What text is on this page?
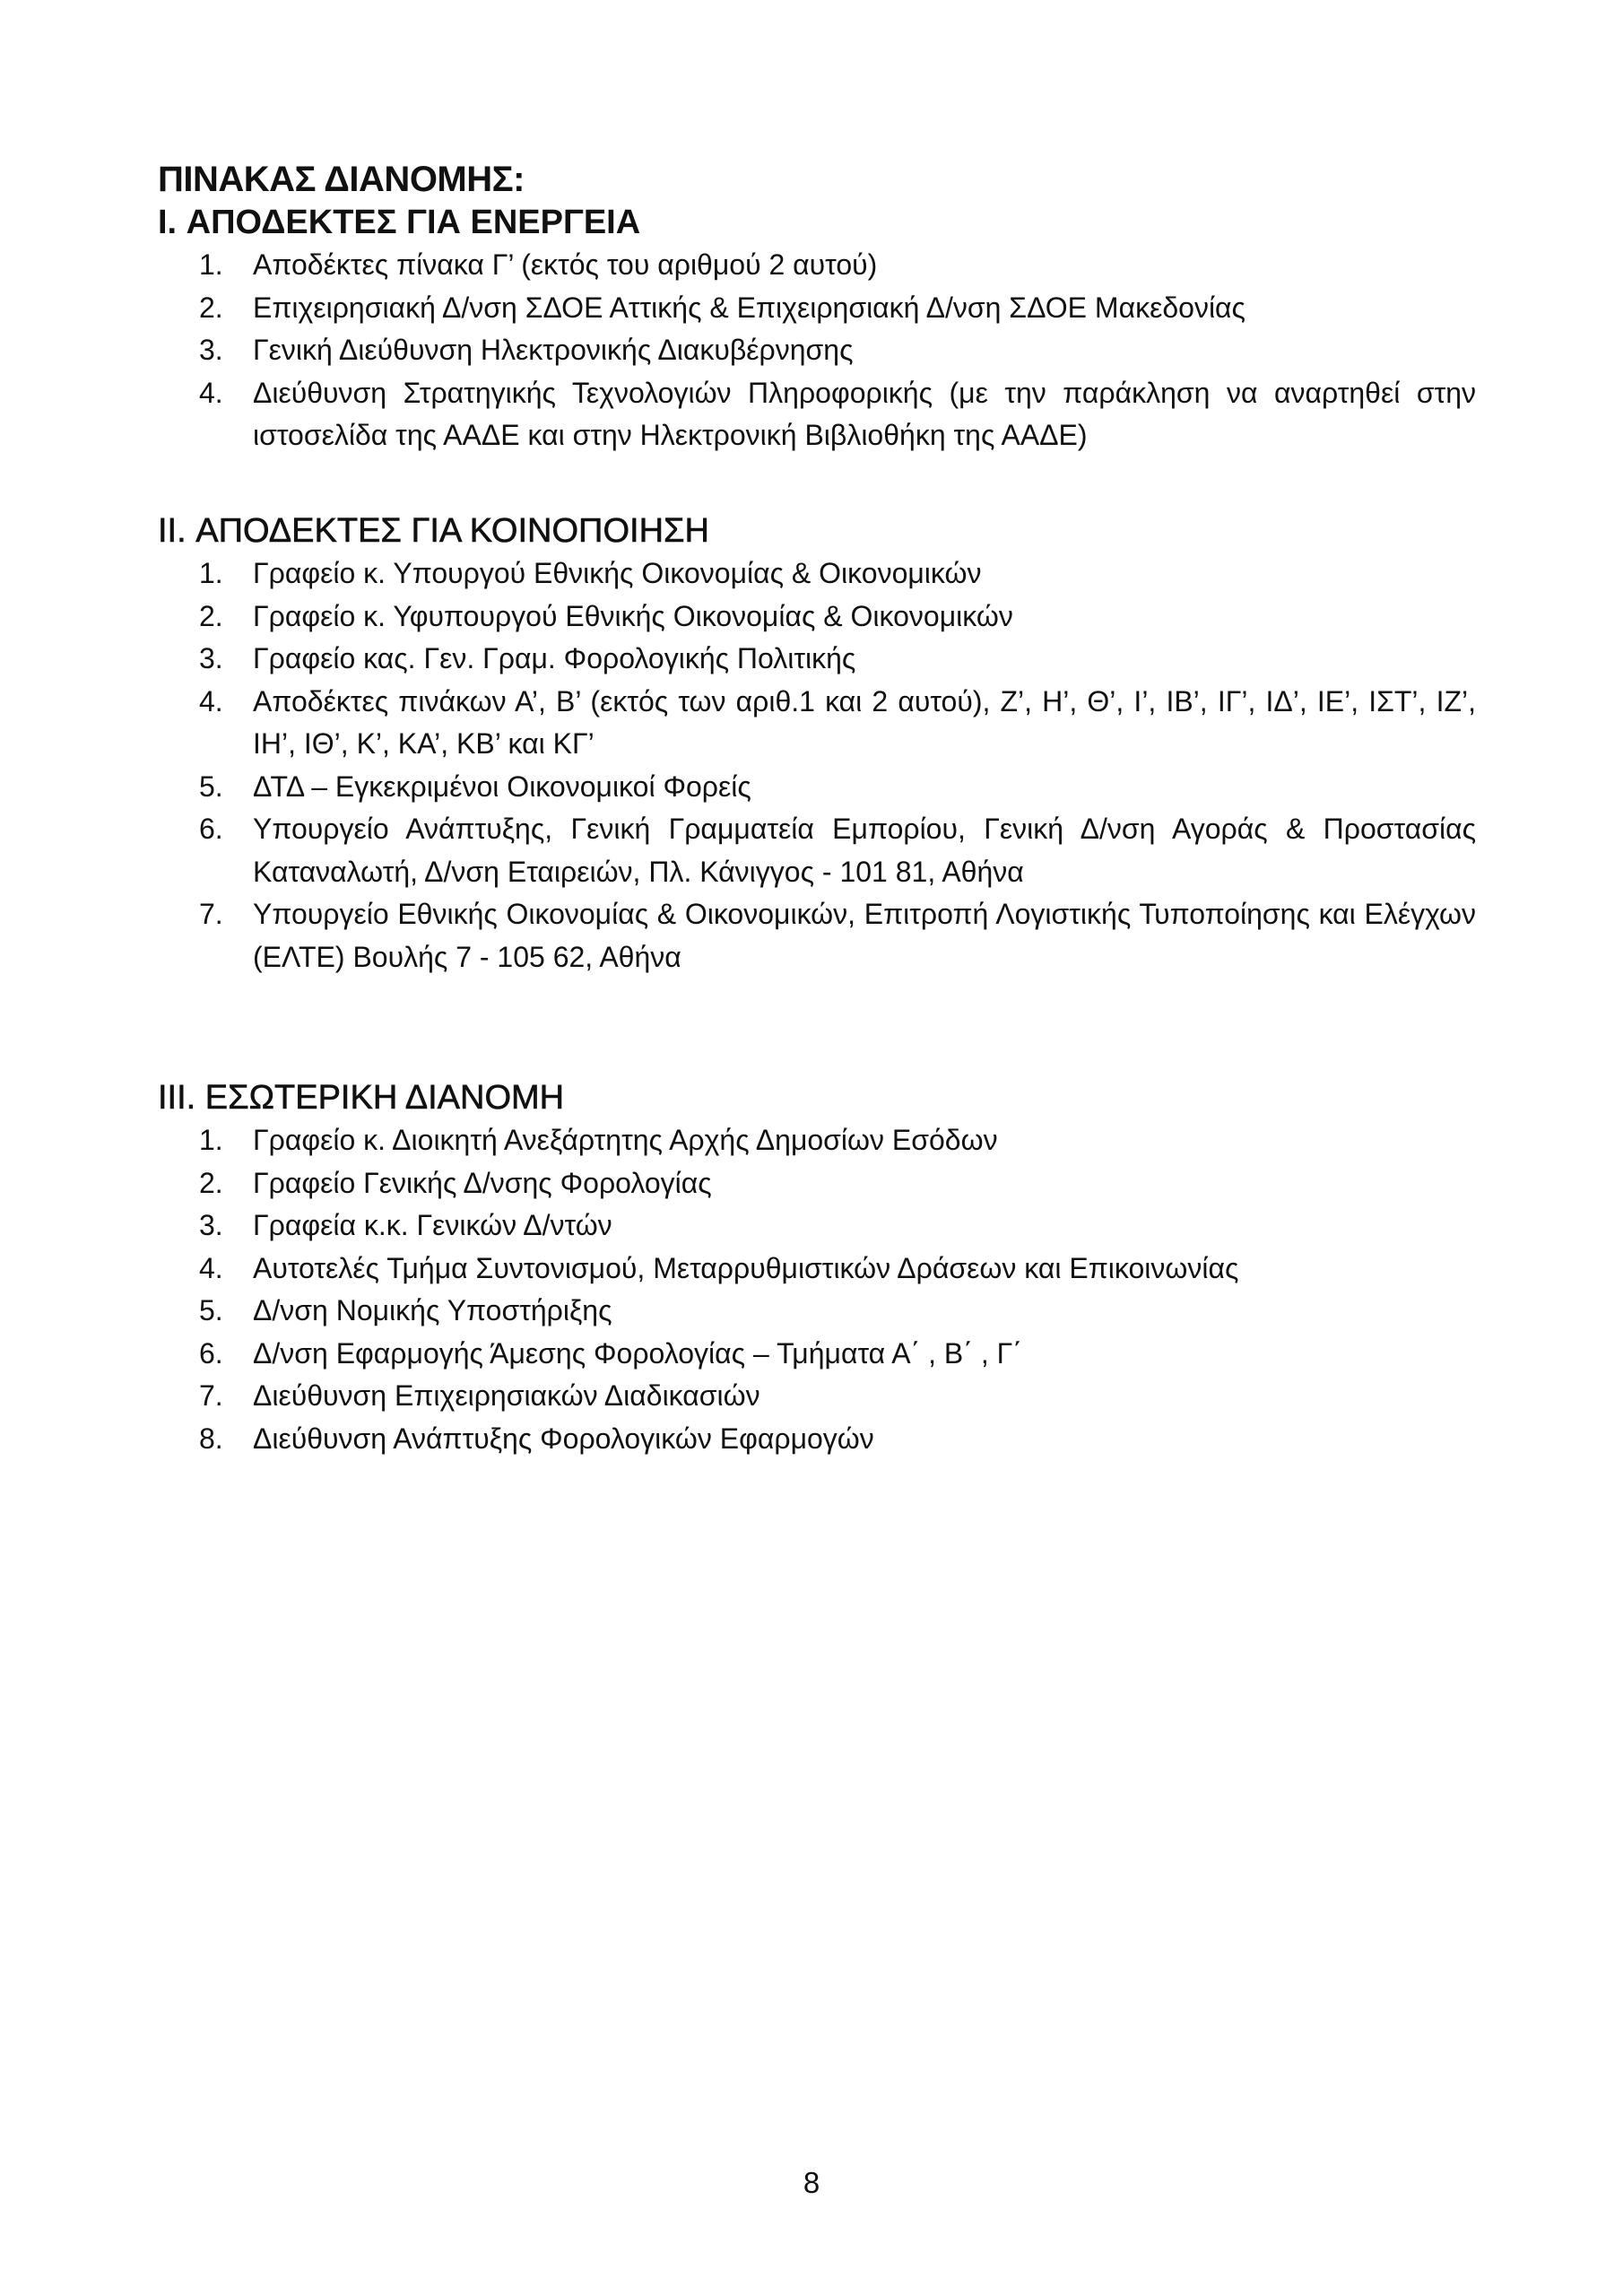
ΠΙΝΑΚΑΣ ΔΙΑΝΟΜΗΣ:
I. ΑΠΟΔΕΚΤΕΣ ΓΙΑ ΕΝΕΡΓΕΙΑ
1. Αποδέκτες πίνακα Γ’ (εκτός του αριθμού 2 αυτού)
2. Επιχειρησιακή Δ/νση ΣΔΟΕ Αττικής & Επιχειρησιακή Δ/νση ΣΔΟΕ Μακεδονίας
3. Γενική Διεύθυνση Ηλεκτρονικής Διακυβέρνησης
4. Διεύθυνση Στρατηγικής Τεχνολογιών Πληροφορικής (με την παράκληση να αναρτηθεί στην ιστοσελίδα της ΑΑΔΕ και στην Ηλεκτρονική Βιβλιοθήκη της ΑΑΔΕ)
II. ΑΠΟΔΕΚΤΕΣ ΓΙΑ ΚΟΙΝΟΠΟΙΗΣΗ
1. Γραφείο κ. Υπουργού Εθνικής Οικονομίας & Οικονομικών
2. Γραφείο κ. Υφυπουργού Εθνικής Οικονομίας & Οικονομικών
3. Γραφείο κας. Γεν. Γραμ. Φορολογικής Πολιτικής
4. Αποδέκτες πινάκων Α’, Β’ (εκτός των αριθ.1 και 2 αυτού), Ζ’, Η’, Θ’, Ι’, ΙΒ’, ΙΓ’, ΙΔ’, ΙΕ’, ΙΣΤ’, ΙΖ’, ΙΗ’, ΙΘ’, Κ’, ΚΑ’, ΚΒ’ και ΚΓ’
5. ΔΤΔ – Εγκεκριμένοι Οικονομικοί Φορείς
6. Υπουργείο Ανάπτυξης, Γενική Γραμματεία Εμπορίου, Γενική Δ/νση Αγοράς & Προστασίας Καταναλωτή, Δ/νση Εταιρειών, Πλ. Κάνιγγος - 101 81, Αθήνα
7. Υπουργείο Εθνικής Οικονομίας & Οικονομικών, Επιτροπή Λογιστικής Τυποποίησης και Ελέγχων (ΕΛΤΕ) Βουλής 7 - 105 62, Αθήνα
III. ΕΣΩΤΕΡΙΚΗ ΔΙΑΝΟΜΗ
1. Γραφείο κ. Διοικητή Ανεξάρτητης Αρχής Δημοσίων Εσόδων
2. Γραφείο Γενικής Δ/νσης Φορολογίας
3. Γραφεία κ.κ. Γενικών Δ/ντών
4. Αυτοτελές Τμήμα Συντονισμού, Μεταρρυθμιστικών Δράσεων και Επικοινωνίας
5. Δ/νση Νομικής Υποστήριξης
6. Δ/νση Εφαρμογής Άμεσης Φορολογίας – Τμήματα Α΄ , Β΄ , Γ΄
7. Διεύθυνση Επιχειρησιακών Διαδικασιών
8. Διεύθυνση Ανάπτυξης Φορολογικών Εφαρμογών
8
